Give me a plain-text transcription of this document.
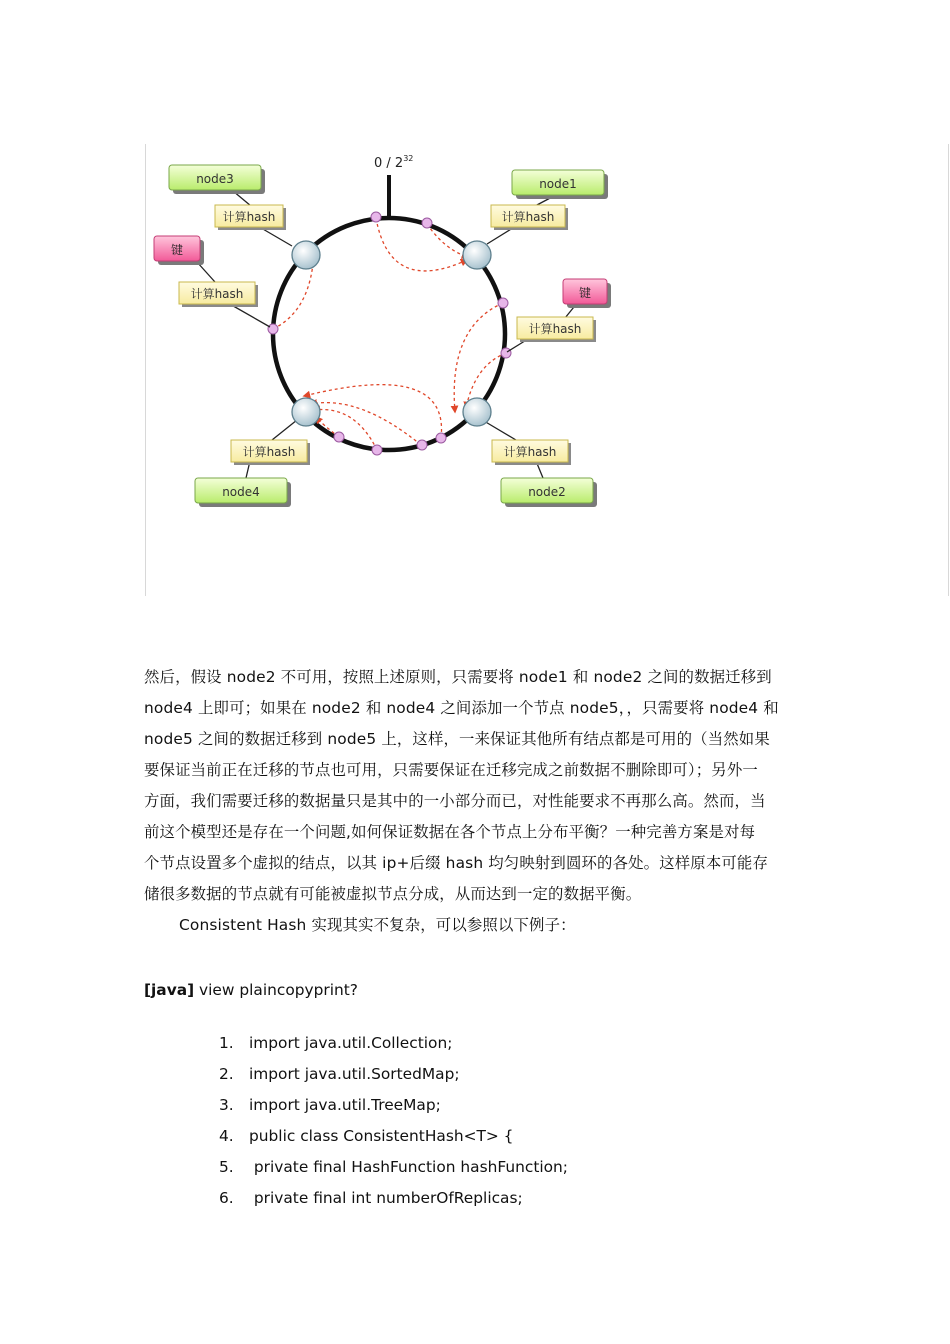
$0 / 2^{32}$
node3	node1
node2
node4
键
键
计算hash	计算hash
计算hash
计算hash
计算hash	计算hash

然后，假设 node2 不可用，按照上述原则，只需要将 node1 和 node2 之间的数据迁移到

node4 上即可；如果在 node2 和 node4 之间添加一个节点 node5，，只需要将 node4 和

node5 之间的数据迁移到 node5 上，这样，一来保证其他所有结点都是可用的（当然如果

要保证当前正在迁移的节点也可用，只需要保证在迁移完成之前数据不删除即可）；另外一

方面，我们需要迁移的数据量只是其中的一小部分而已，对性能要求不再那么高。然而，当

前这个模型还是存在一个问题,如何保证数据在各个节点上分布平衡？一种完善方案是对每

个节点设置多个虚拟的结点，以其 ip+后缀 hash 均匀映射到圆环的各处。这样原本可能存

储很多数据的节点就有可能被虚拟节点分成，从而达到一定的数据平衡。

Consistent Hash 实现其实不复杂，可以参照以下例子：

[java] view plaincopyprint?
1. import java.util.Collection;
2. import java.util.SortedMap;
3. import java.util.TreeMap;
4. public class ConsistentHash<T> {
5. private final HashFunction hashFunction;
6. private final int numberOfReplicas;
